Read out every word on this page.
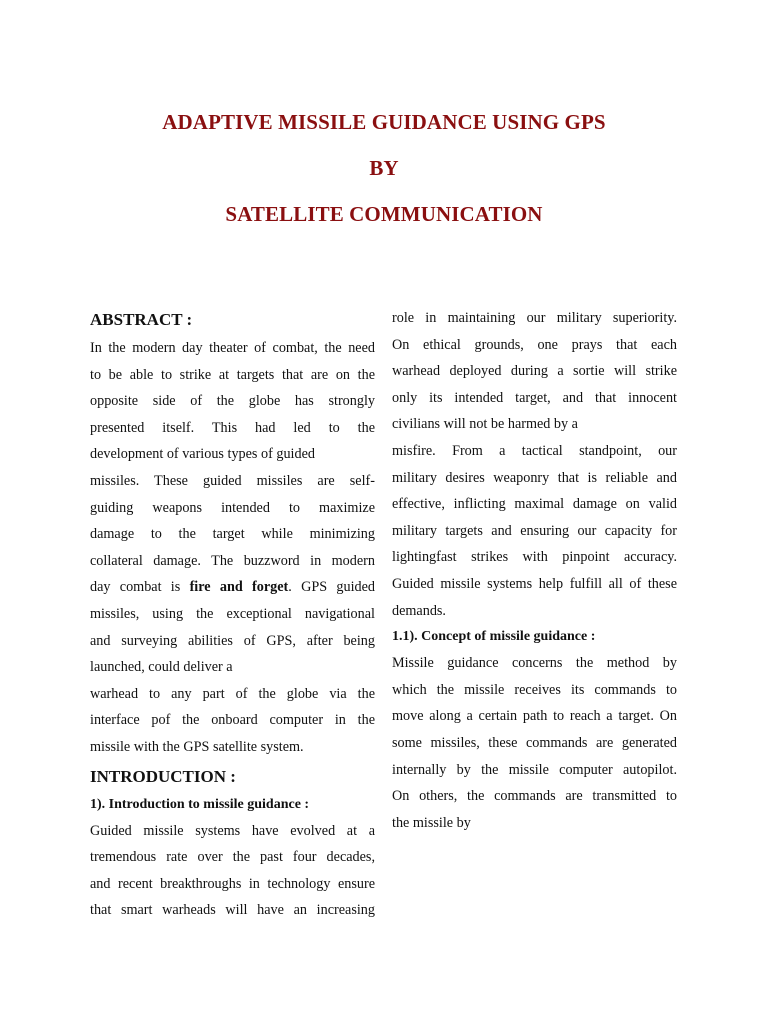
ADAPTIVE MISSILE GUIDANCE USING GPS
BY
SATELLITE COMMUNICATION
ABSTRACT :
In the modern day theater of combat, the need
to be able to strike at targets that are on the
opposite side of the globe has strongly
presented itself. This had led to the
development of various types of guided
missiles. These guided missiles are self-
guiding weapons intended to maximize
damage to the target while minimizing
collateral damage. The buzzword in modern
day combat is fire and forget. GPS guided
missiles, using the exceptional navigational
and surveying abilities of GPS, after being
launched, could deliver a
warhead to any part of the globe via the
interface pof the onboard computer in the
missile with the GPS satellite system.
INTRODUCTION :
1). Introduction to missile guidance :
Guided missile systems have evolved at a
tremendous rate over the past four decades,
and recent breakthroughs in technology ensure
that smart warheads will have an increasing
role in maintaining our military superiority.
On ethical grounds, one prays that each
warhead deployed during a sortie will strike
only its intended target, and that innocent
civilians will not be harmed by a
misfire. From a tactical standpoint, our
military desires weaponry that is reliable and
effective, inflicting maximal damage on valid
military targets and ensuring our capacity for
lightingfast strikes with pinpoint accuracy.
Guided missile systems help fulfill all of these
demands.
1.1). Concept of missile guidance :
Missile guidance concerns the method by
which the missile receives its commands to
move along a certain path to reach a target. On
some missiles, these commands are generated
internally by the missile computer autopilot.
On others, the commands are transmitted to
the missile by
